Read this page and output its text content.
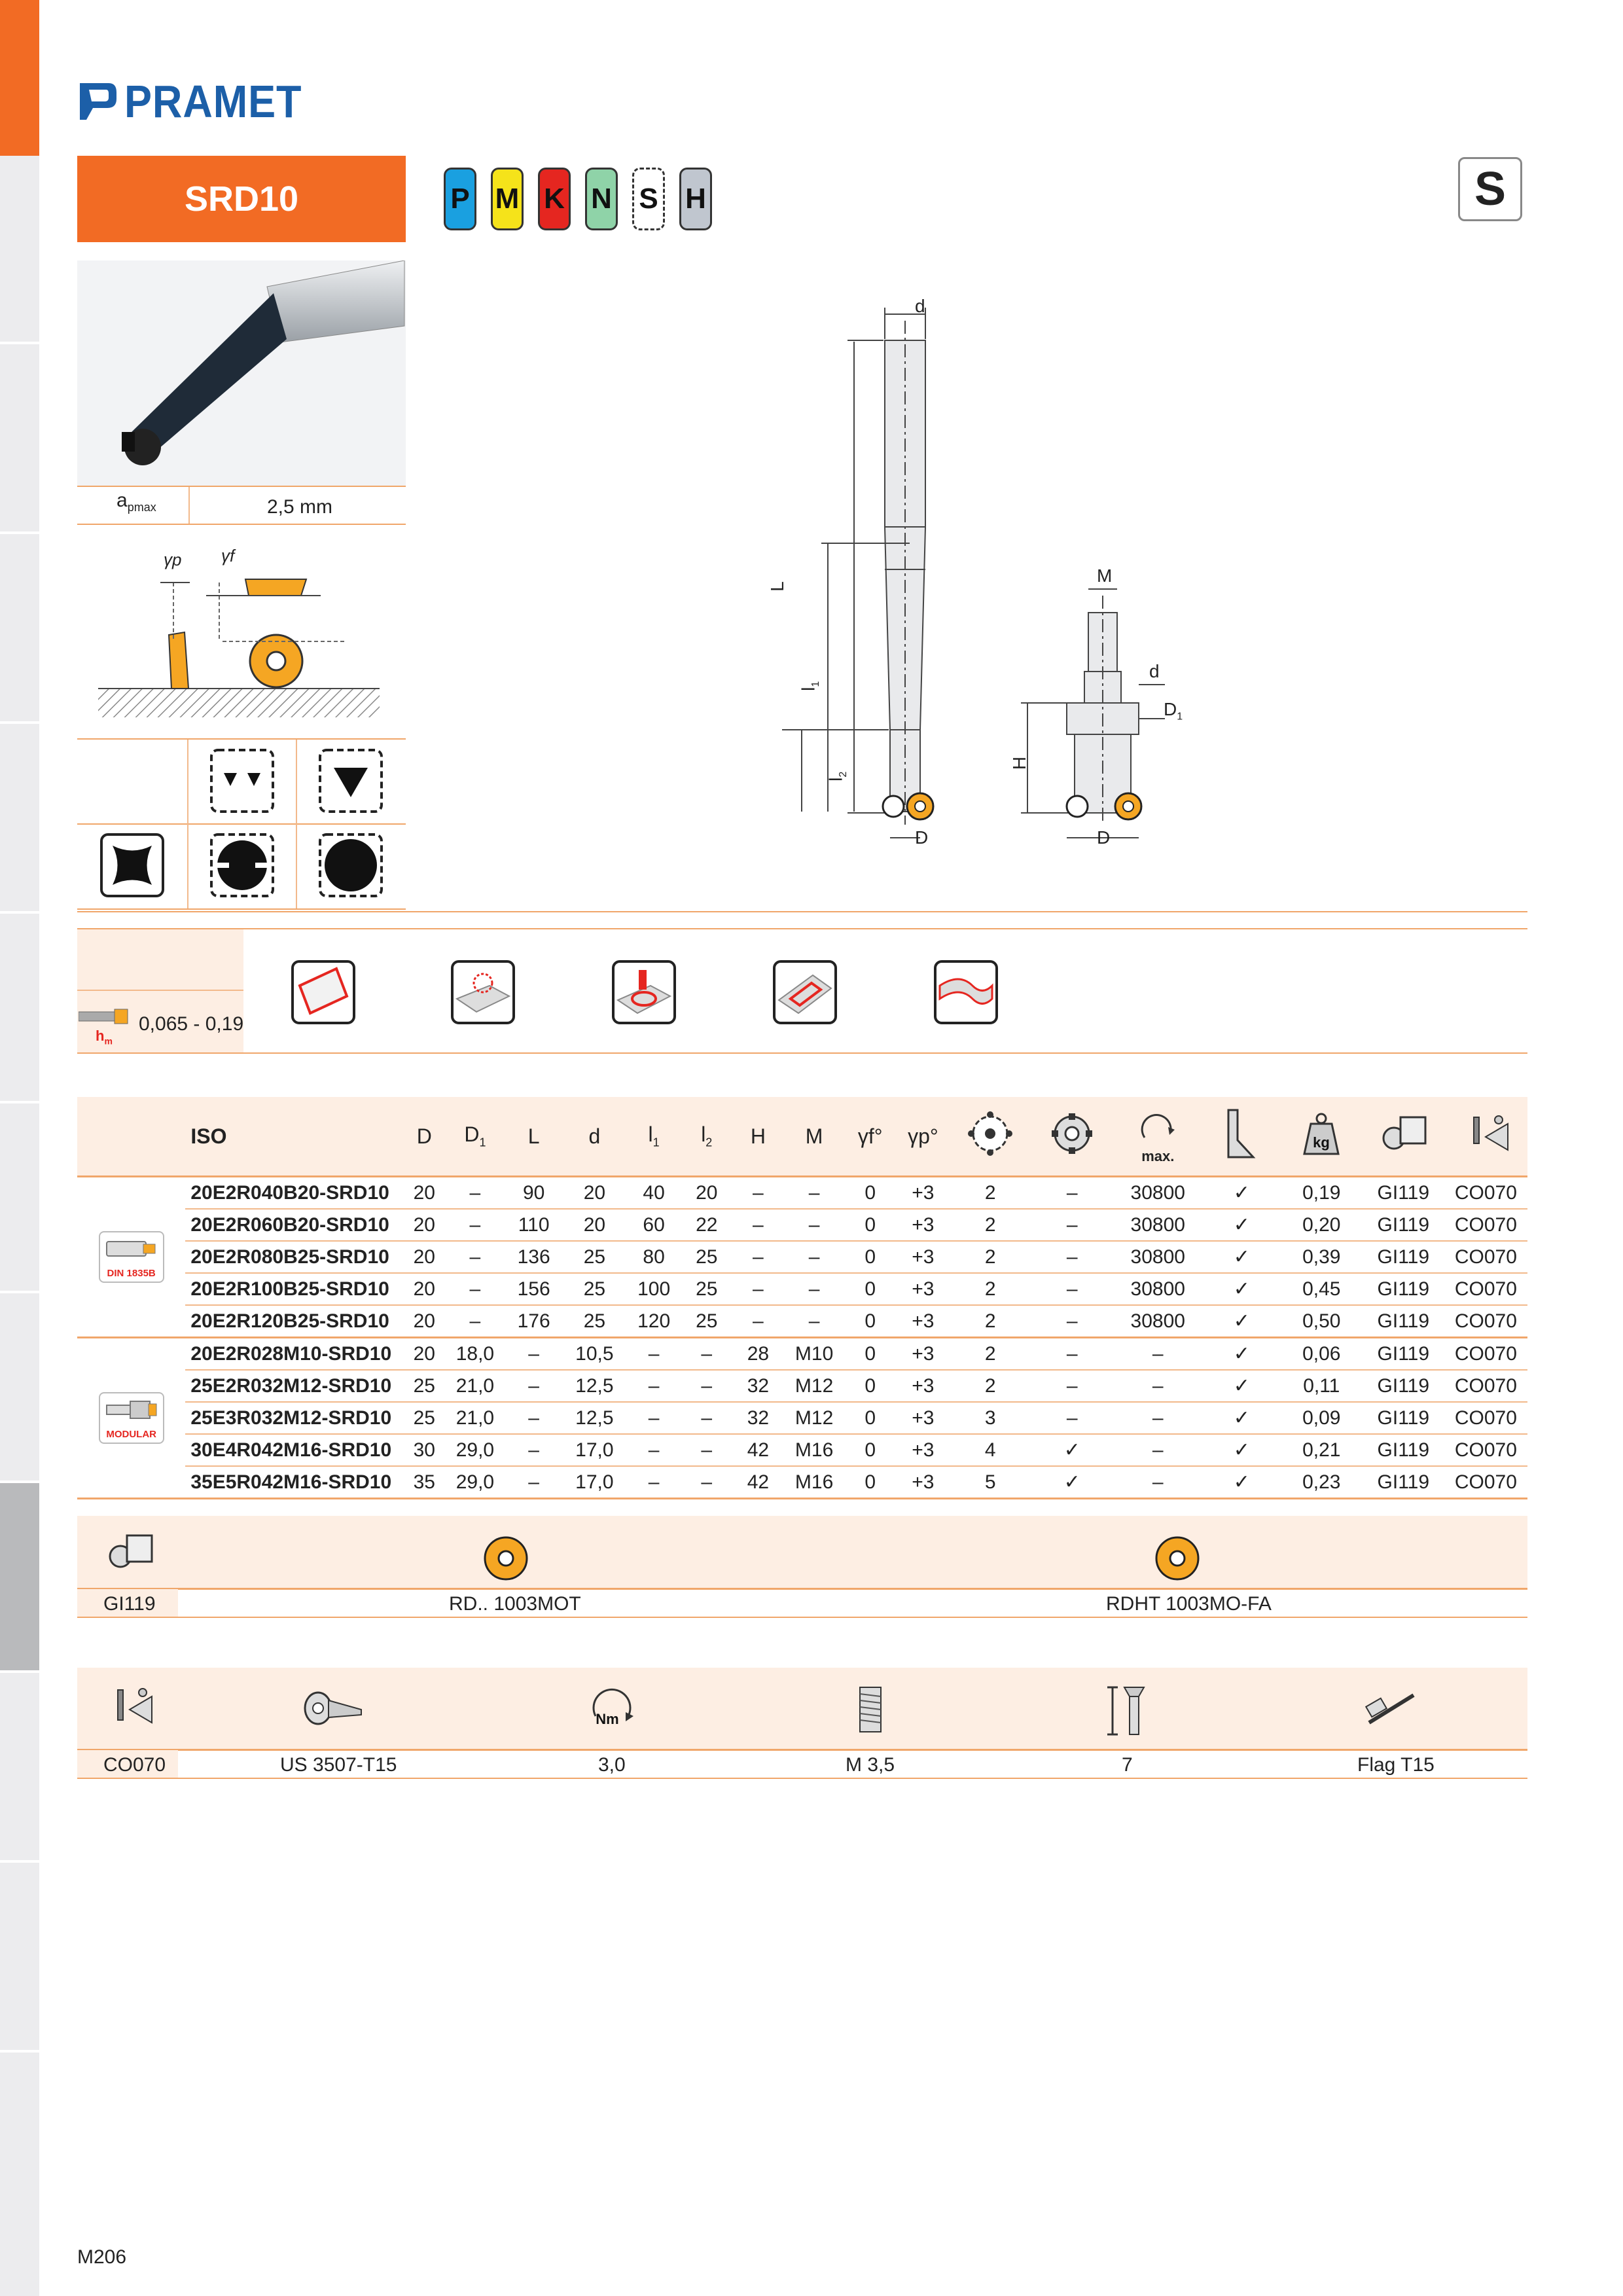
PRAMET
SRD10	P M K N S H	S
$a_{pmax}$	2,5 mm
γp γf
d
L
$l_1$
$l_2$
D
M
d
$D_1$
H
D
$h_m$
0,065 - 0,19
	ISO	D	$D_1$	L	d	$l_1$	$l_2$	H	M	γf°	γp°			max.		kg

DIN 1835B	20E2R040B20-SRD10	20	–	90	20	40	20	–	–	0	+3	2	–	30800	✓	0,19	GI119	CO070
	20E2R060B20-SRD10	20	–	110	20	60	22	–	–	0	+3	2	–	30800	✓	0,20	GI119	CO070
	20E2R080B25-SRD10	20	–	136	25	80	25	–	–	0	+3	2	–	30800	✓	0,39	GI119	CO070
	20E2R100B25-SRD10	20	–	156	25	100	25	–	–	0	+3	2	–	30800	✓	0,45	GI119	CO070
	20E2R120B25-SRD10	20	–	176	25	120	25	–	–	0	+3	2	–	30800	✓	0,50	GI119	CO070

MODULAR	20E2R028M10-SRD10	20	18,0	–	10,5	–	–	28	M10	0	+3	2	–	–	✓	0,06	GI119	CO070
	25E2R032M12-SRD10	25	21,0	–	12,5	–	–	32	M12	0	+3	2	–	–	✓	0,11	GI119	CO070
	25E3R032M12-SRD10	25	21,0	–	12,5	–	–	32	M12	0	+3	3	–	–	✓	0,09	GI119	CO070
	30E4R042M16-SRD10	30	29,0	–	17,0	–	–	42	M16	0	+3	4	✓	–	✓	0,21	GI119	CO070
	35E5R042M16-SRD10	35	29,0	–	17,0	–	–	42	M16	0	+3	5	✓	–	✓	0,23	GI119	CO070
GI119	RD.. 1003MOT	RDHT 1003MO-FA
Nm
CO070	US 3507-T15	3,0	M 3,5	7	Flag T15
M206
